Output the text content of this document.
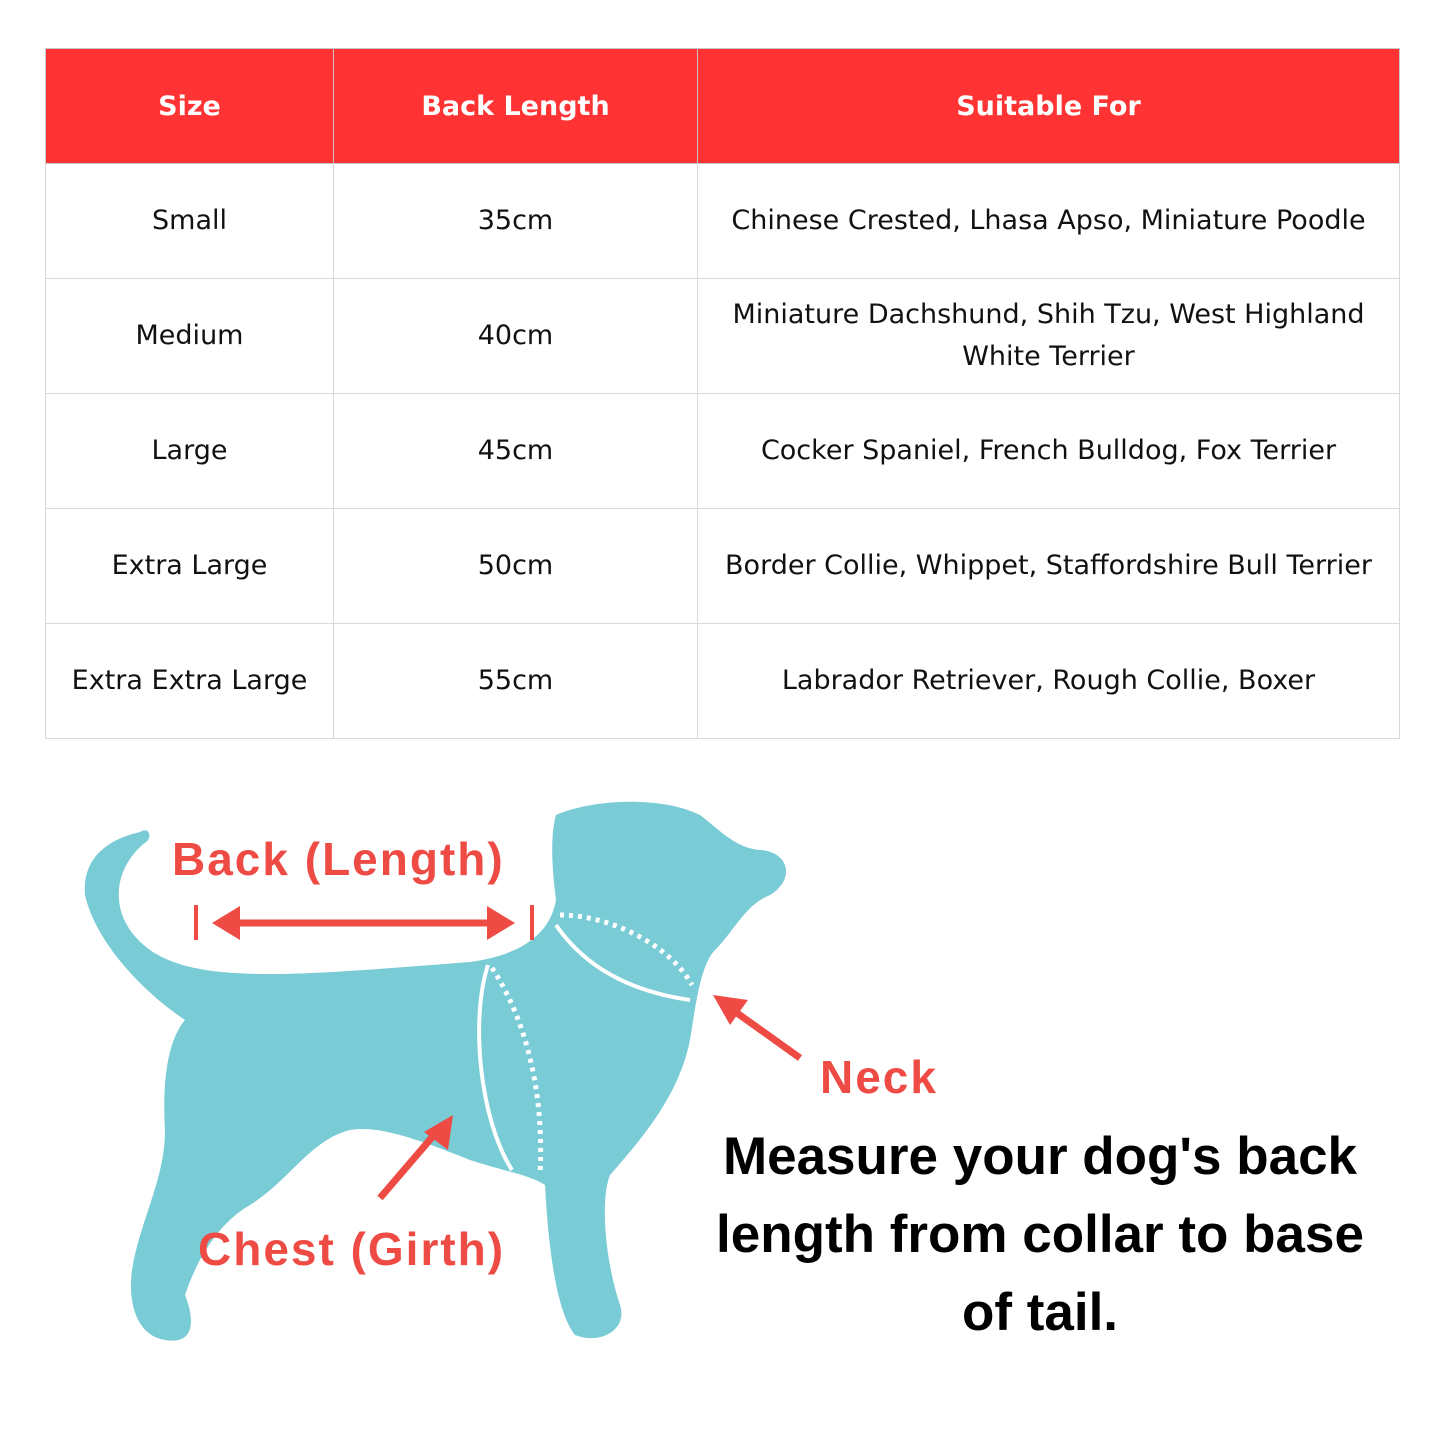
Size	Back Length	Suitable For
Small	35cm	Chinese Crested, Lhasa Apso, Miniature Poodle
Medium	40cm	Miniature Dachshund, Shih Tzu, West Highland White Terrier
Large	45cm	Cocker Spaniel, French Bulldog, Fox Terrier
Extra Large	50cm	Border Collie, Whippet, Staffordshire Bull Terrier
Extra Extra Large	55cm	Labrador Retriever, Rough Collie, Boxer
Back (Length)
Neck
Chest (Girth)
Measure your dog's back length from collar to base of tail.
